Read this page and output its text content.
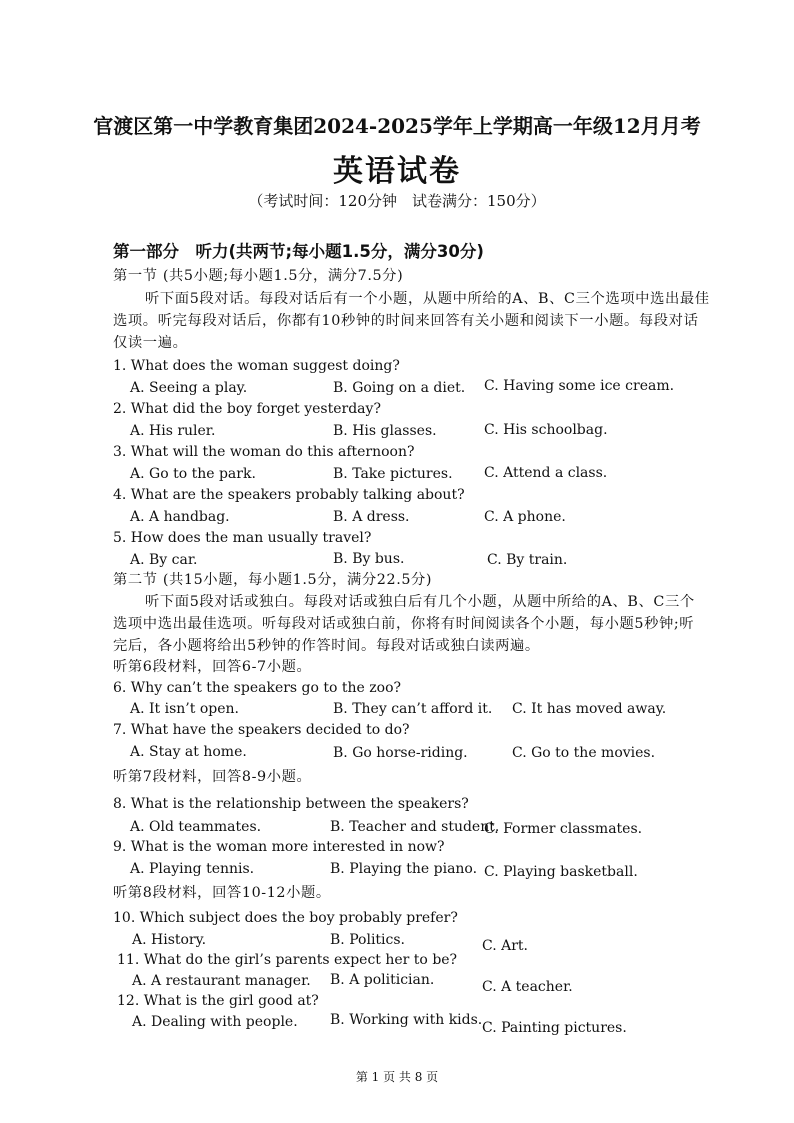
官渡区第一中学教育集团2024-2025学年上学期高一年级12月月考
英语试卷
（考试时间：120分钟　试卷满分：150分）
第一部分　听力(共两节;每小题1.5分，满分30分)
第一节 (共5小题;每小题1.5分，满分7.5分)
听下面5段对话。每段对话后有一个小题，从题中所给的A、B、C三个选项中选出最佳
选项。听完每段对话后，你都有10秒钟的时间来回答有关小题和阅读下一小题。每段对话
仅读一遍。
1. What does the woman suggest doing?
A. Seeing a play.	B. Going on a diet. C. Having some ice cream.
2. What did the boy forget yesterday?
A. His ruler.	B. His glasses.	C. His schoolbag.
3. What will the woman do this afternoon?
A. Go to the park.	B. Take pictures. C. Attend a class.
4. What are the speakers probably talking about?
A. A handbag.	B. A dress.	C. A phone.
5. How does the man usually travel?
A. By car.	B. By bus.	C. By train.
第二节 (共15小题，每小题1.5分，满分22.5分)
听下面5段对话或独白。每段对话或独白后有几个小题，从题中所给的A、B、C三个
选项中选出最佳选项。听每段对话或独白前，你将有时间阅读各个小题，每小题5秒钟;听
完后，各小题将给出5秒钟的作答时间。每段对话或独白读两遍。
听第6段材料，回答6-7小题。
6. Why can’t the speakers go to the zoo?
A. It isn’t open.	B. They can’t afford it. C. It has moved away.
7. What have the speakers decided to do?
A. Stay at home.	B. Go horse-riding.	C. Go to the movies.
听第7段材料，回答8-9小题。
8. What is the relationship between the speakers?
A. Old teammates.	B. Teacher and student.
C. Former classmates.
9. What is the woman more interested in now?
A. Playing tennis.	B. Playing the piano. C. Playing basketball.
听第8段材料，回答10-12小题。
10. Which subject does the boy probably prefer?
A. History.	B. Politics.	C. Art.
11. What do the girl’s parents expect her to be?
A. A restaurant manager. B. A politician.	C. A teacher.
12. What is the girl good at?
A. Dealing with people. B. Working with kids. C. Painting pictures.
第 1 页 共 8 页
